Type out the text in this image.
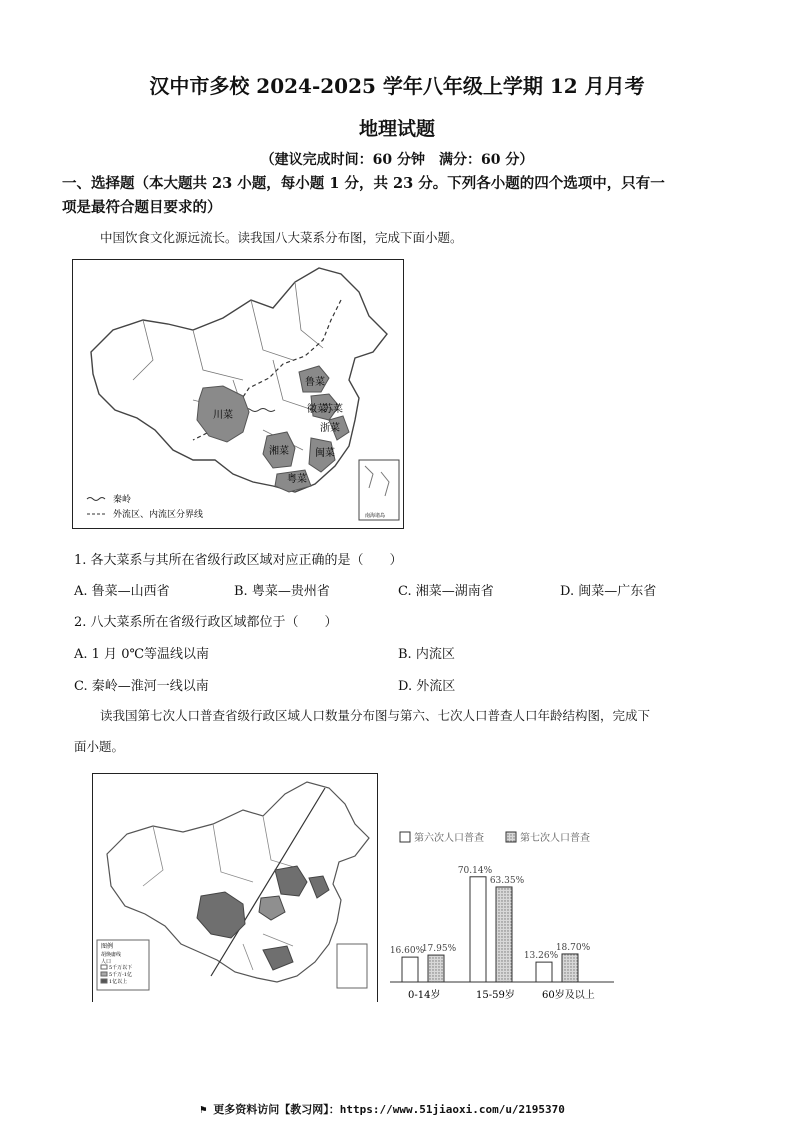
汉中市多校 2024-2025 学年八年级上学期 12 月月考
地理试题
（建议完成时间：60 分钟　满分：60 分）
一、选择题（本大题共 23 小题，每小题 1 分，共 23 分。下列各小题的四个选项中，只有一
项是最符合题目要求的）
中国饮食文化源远流长。读我国八大菜系分布图，完成下面小题。
鲁菜
苏菜
徽菜
浙菜
川菜
湘菜	闽菜
粤菜
南海诸岛
秦岭
外流区、内流区分界线
1. 各大菜系与其所在省级行政区域对应正确的是（　　）
A. 鲁菜—山西省	B. 粤菜—贵州省	C. 湘菜—湖南省	D. 闽菜—广东省
2. 八大菜系所在省级行政区域都位于（　　）
A. 1 月 0℃等温线以南	B. 内流区
C. 秦岭—淮河一线以南	D. 外流区
读我国第七次人口普查省级行政区域人口数量分布图与第六、七次人口普查人口年龄结构图，完成下
面小题。
图例
胡焕庸线
人口
5千万以下
5千万-1亿
1亿以上
第六次人口普查	第七次人口普查
16.60%
17.95%
70.14%
63.35%
13.26%
18.70%
0-14岁	15-59岁	60岁及以上
⚑ 更多资料访问【教习网】：https://www.51jiaoxi.com/u/2195370
